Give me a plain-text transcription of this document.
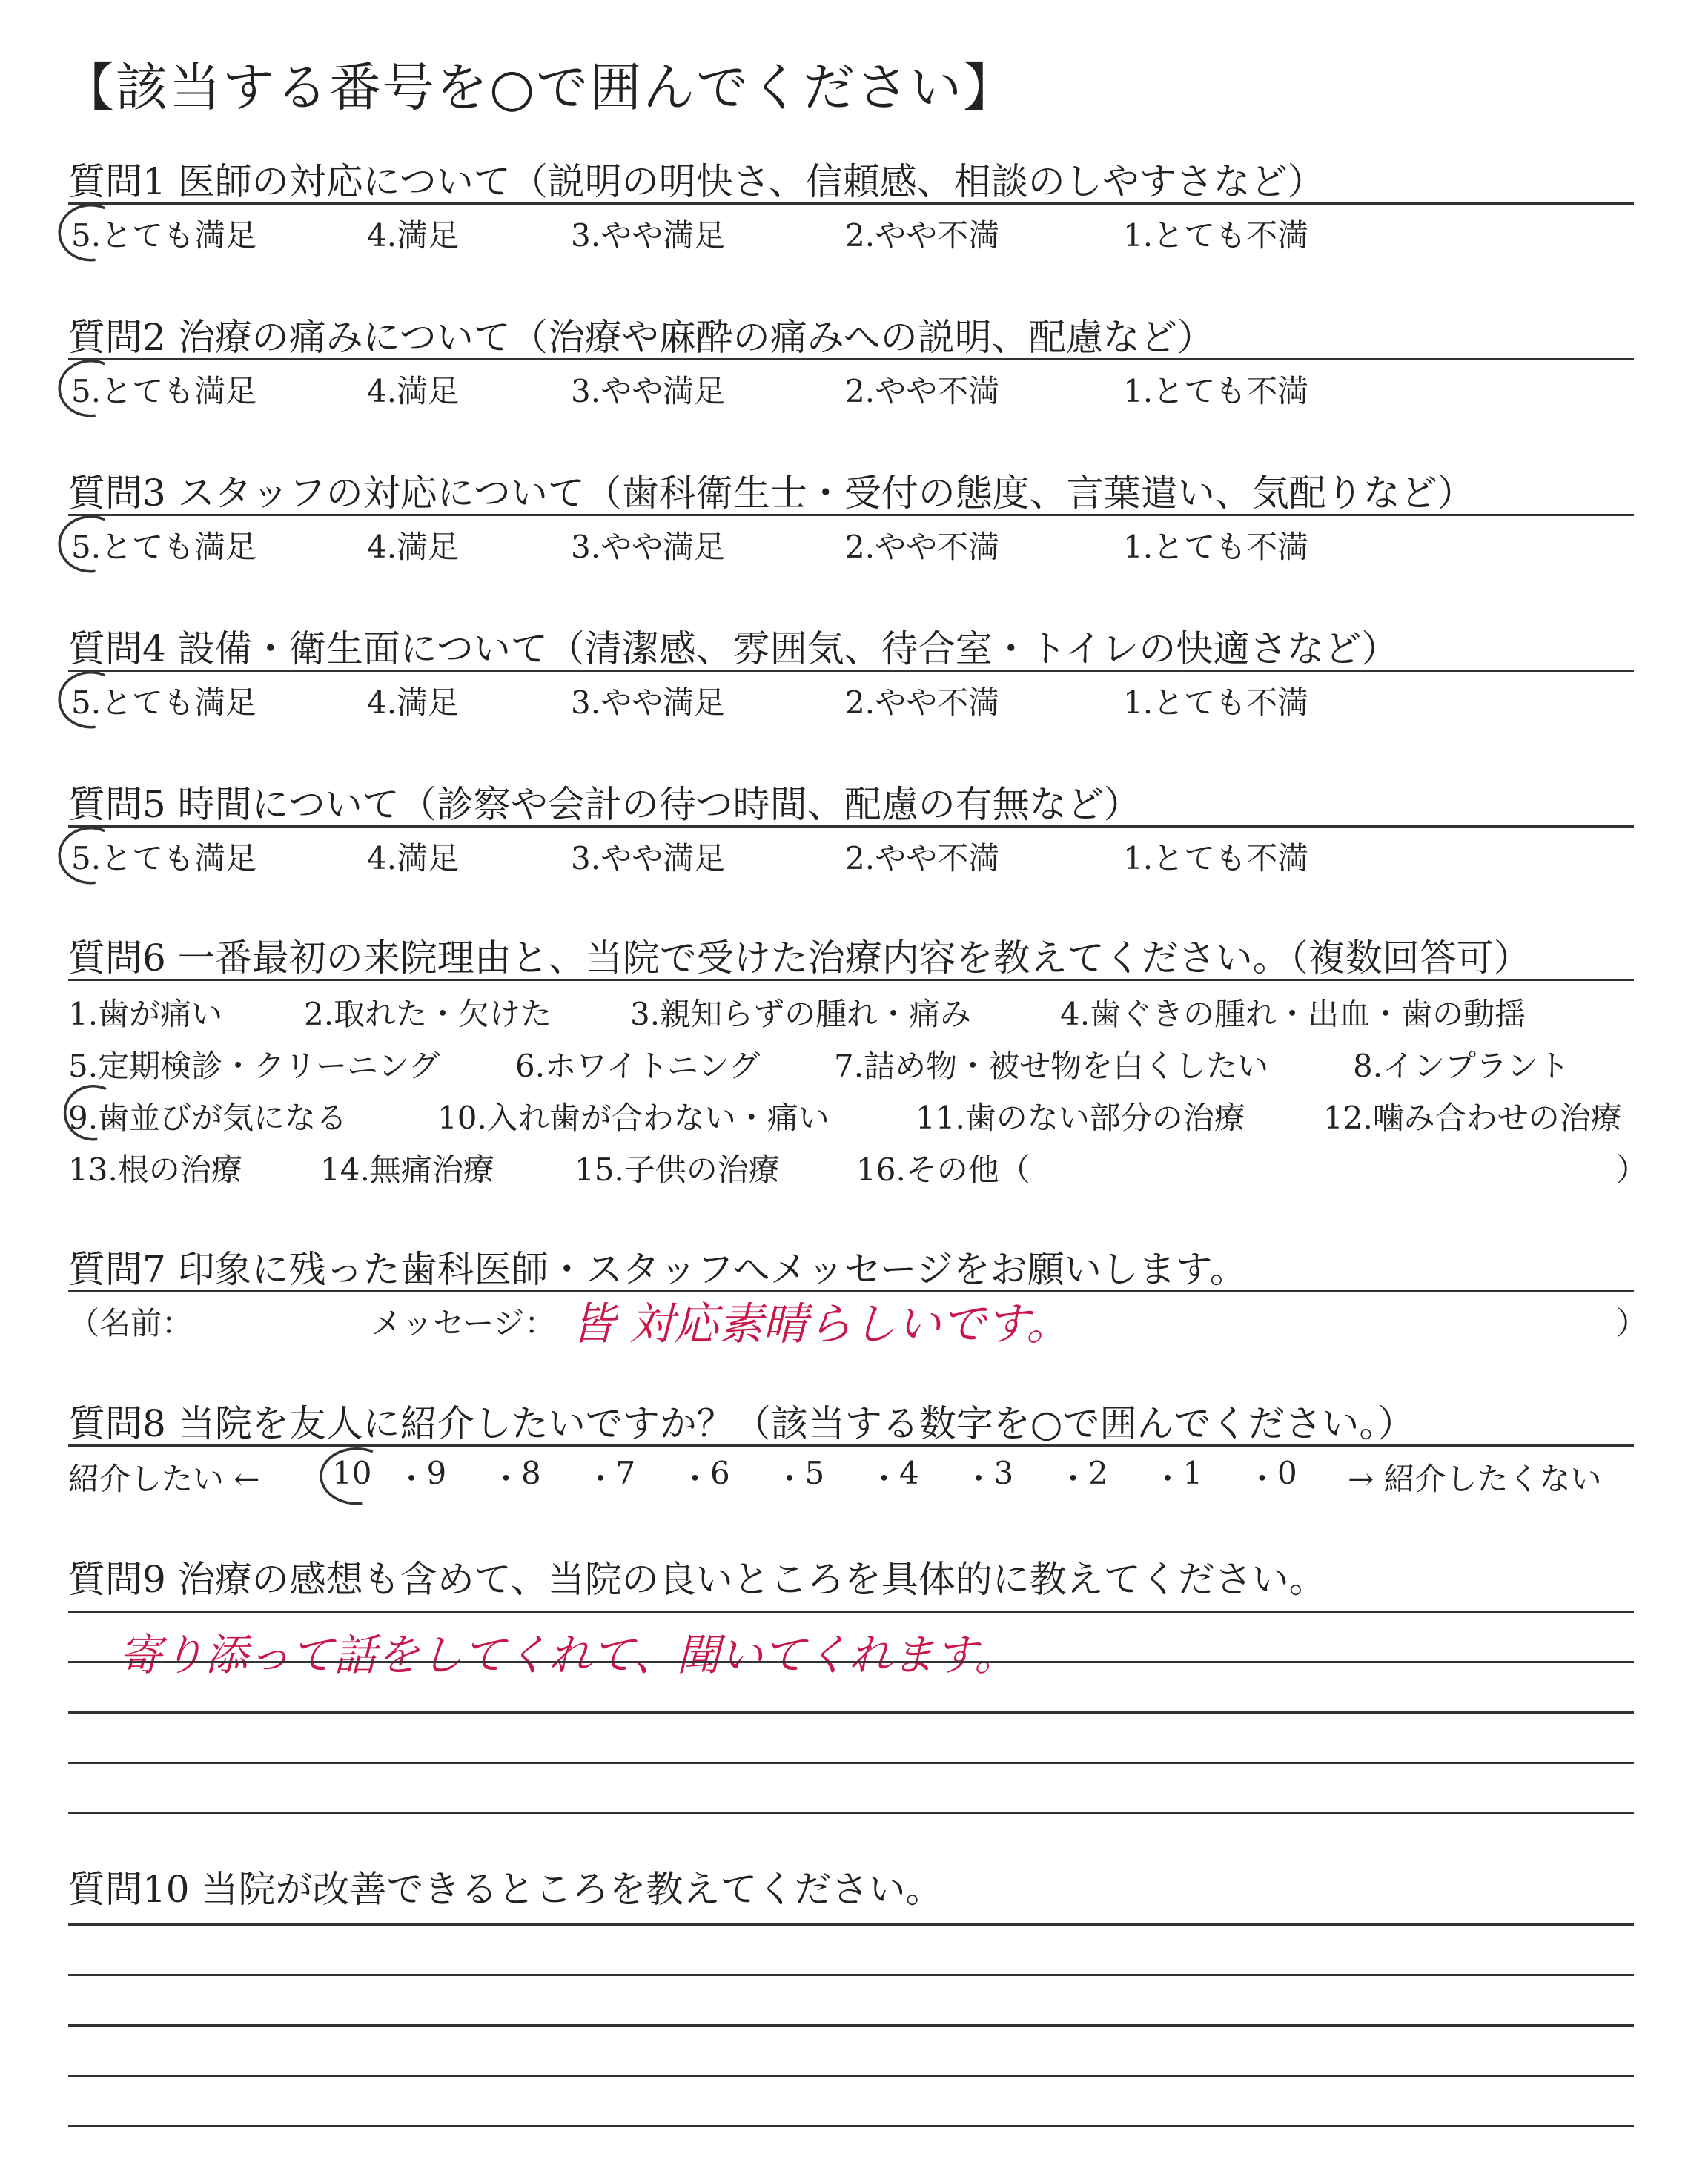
【該当する番号を○で囲んでください】
質問1 医師の対応について（説明の明快さ、信頼感、相談のしやすさなど）
5.とても満足	4.満足	3.やや満足	2.やや不満	1.とても不満
質問2 治療の痛みについて（治療や麻酔の痛みへの説明、配慮など）
5.とても満足	4.満足	3.やや満足	2.やや不満	1.とても不満
質問3 スタッフの対応について（歯科衛生士・受付の態度、言葉遣い、気配りなど）
5.とても満足	4.満足	3.やや満足	2.やや不満	1.とても不満
質問4 設備・衛生面について（清潔感、雰囲気、待合室・トイレの快適さなど）
5.とても満足	4.満足	3.やや満足	2.やや不満	1.とても不満
質問5 時間について（診察や会計の待つ時間、配慮の有無など）
5.とても満足	4.満足	3.やや満足	2.やや不満	1.とても不満
質問6 一番最初の来院理由と、当院で受けた治療内容を教えてください。（複数回答可）
1.歯が痛い	2.取れた・欠けた	3.親知らずの腫れ・痛み	4.歯ぐきの腫れ・出血・歯の動揺
5.定期検診・クリーニング 6.ホワイトニング 7.詰め物・被せ物を白くしたい	8.インプラント
9.歯並びが気になる	10.入れ歯が合わない・痛い	11.歯のない部分の治療	12.噛み合わせの治療
13.根の治療	14.無痛治療	15.子供の治療 16.その他（	）
質問7 印象に残った歯科医師・スタッフへメッセージをお願いします。
（名前：	メッセージ： 皆 対応素晴らしいです。	）
質問8 当院を友人に紹介したいですか？（該当する数字を○で囲んでください。）
紹介したい ←	→ 紹介したくない
10 ・ 9 ・ 8 ・ 7 ・ 6 ・ 5 ・ 4 ・ 3 ・ 2 ・ 1 ・ 0
質問9 治療の感想も含めて、当院の良いところを具体的に教えてください。
寄り添って話をしてくれて、聞いてくれます。
質問10 当院が改善できるところを教えてください。
